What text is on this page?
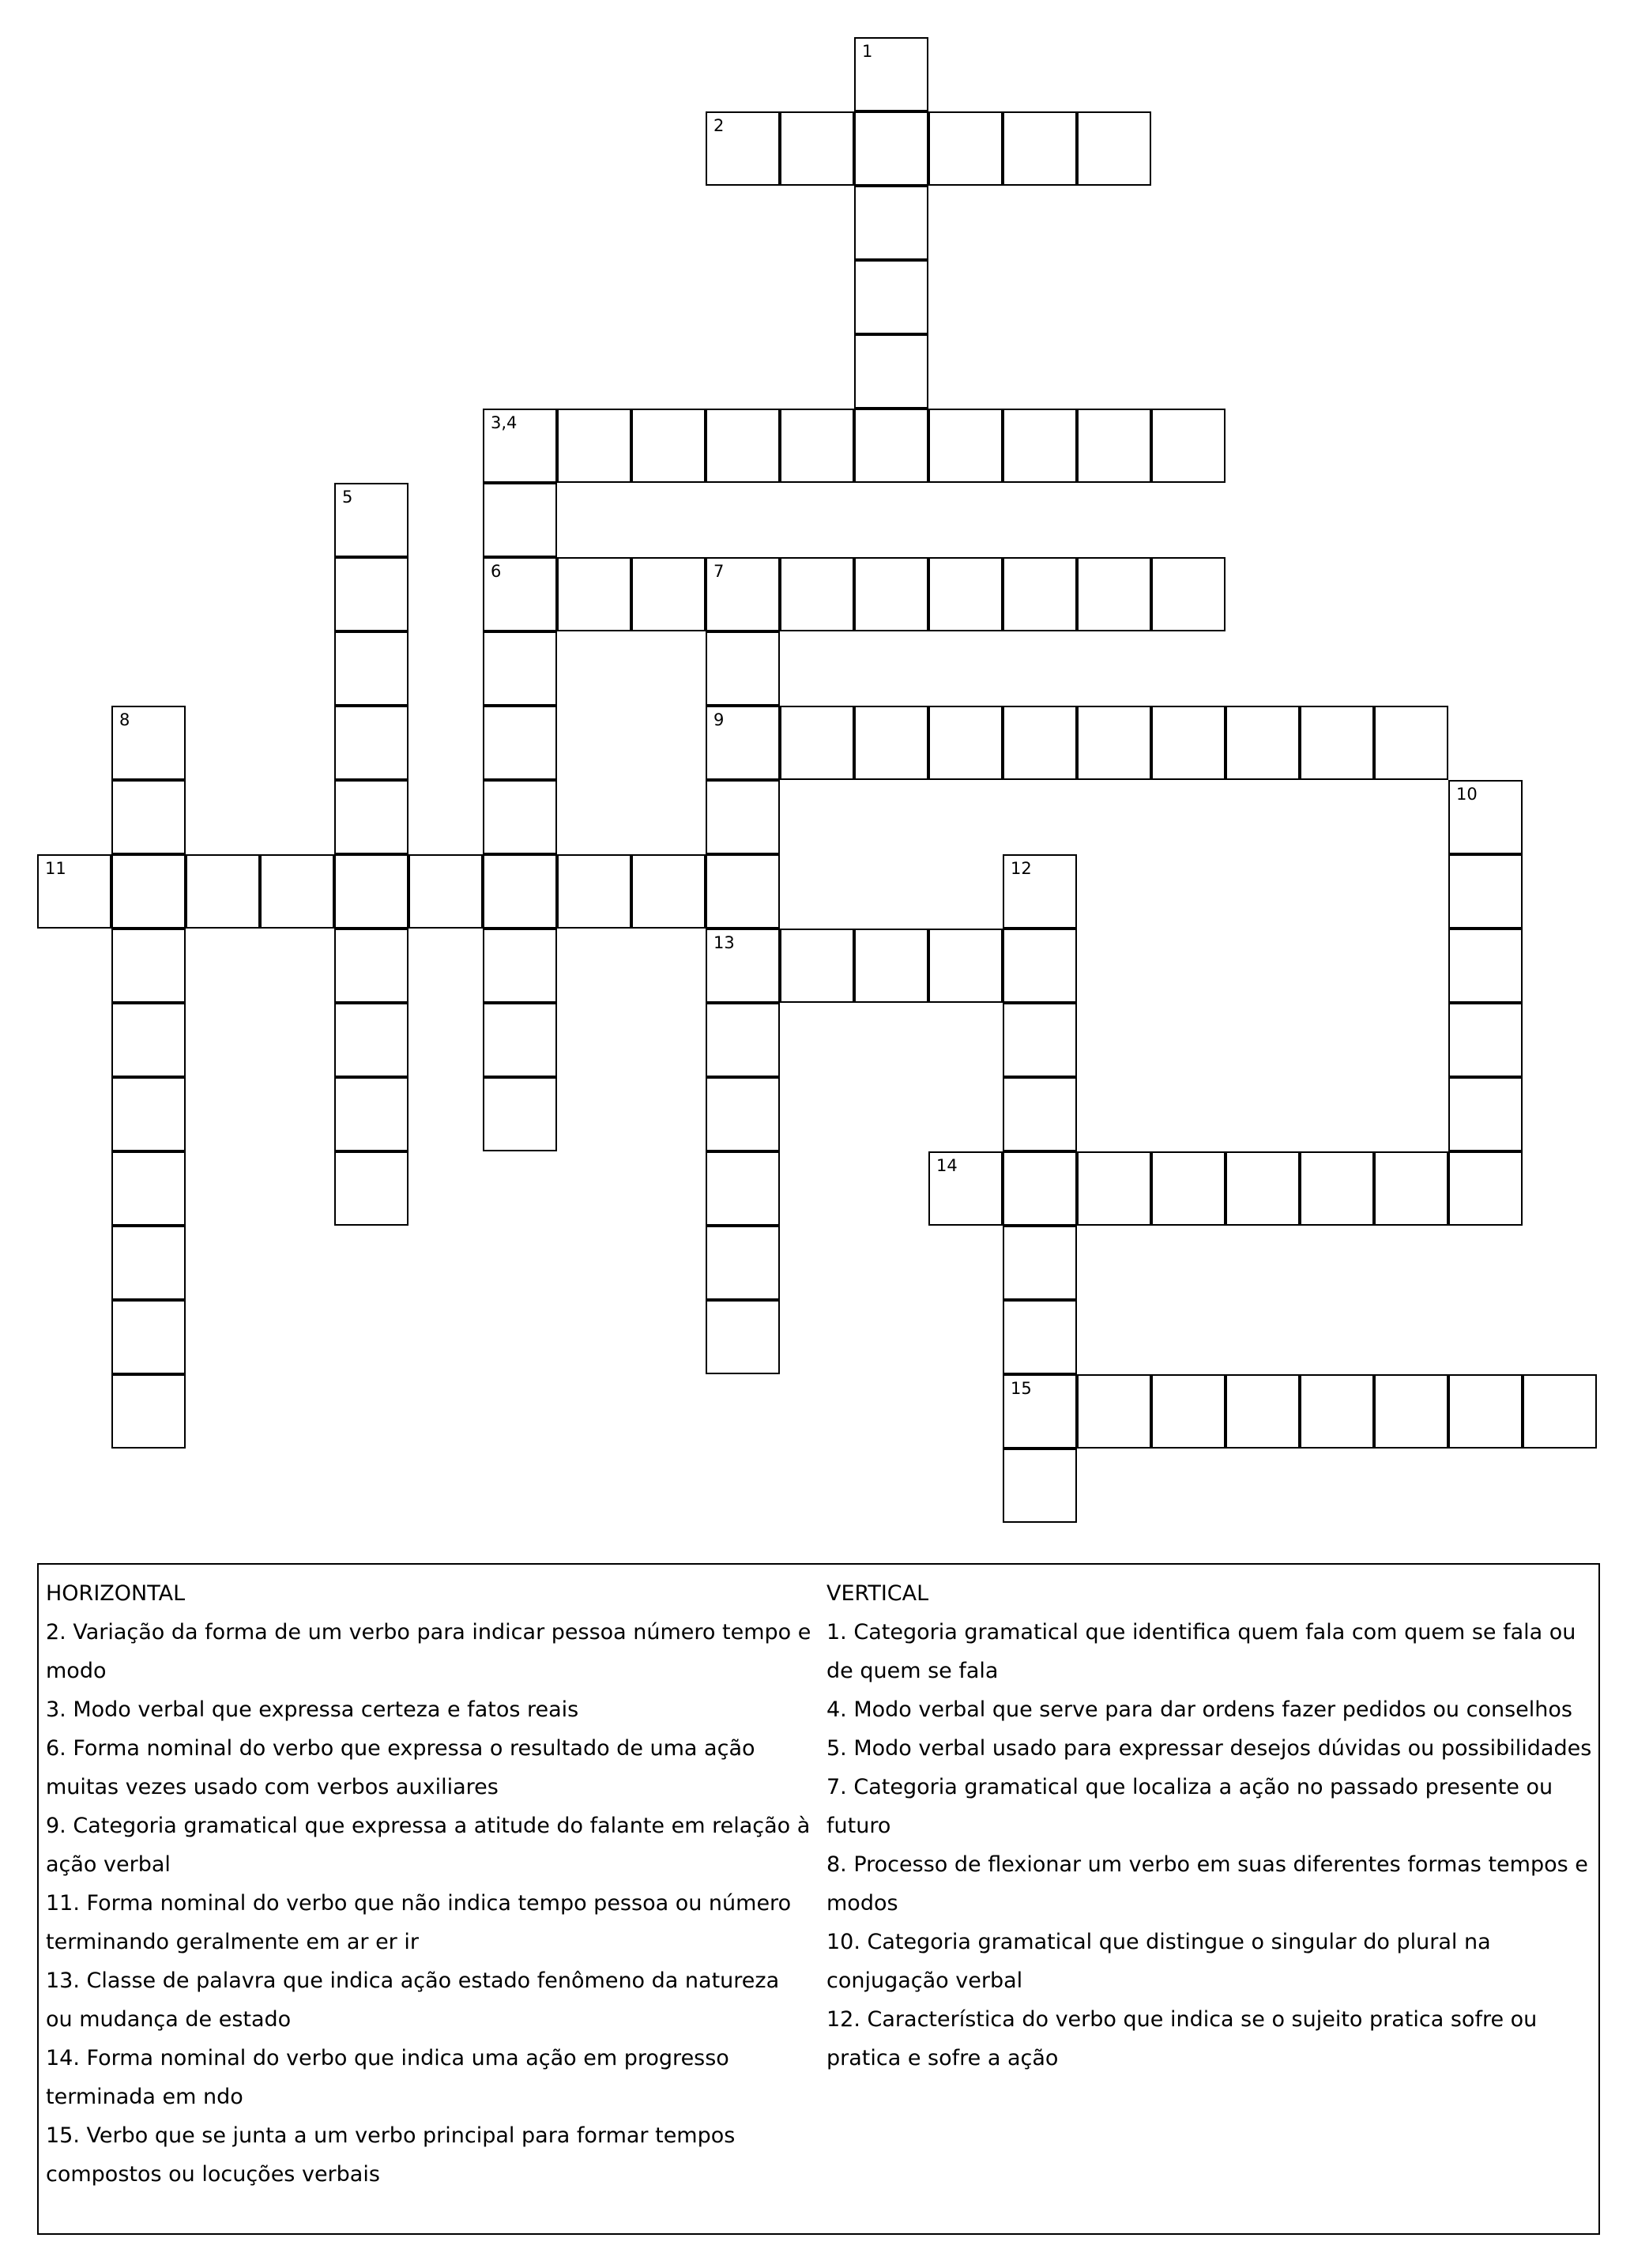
1
2
3,4
6
5
7
9
13
8
10
11	12
15
14
HORIZONTAL
2. Variação da forma de um verbo para indicar pessoa número tempo e modo
3. Modo verbal que expressa certeza e fatos reais
6. Forma nominal do verbo que expressa o resultado de uma ação muitas vezes usado com verbos auxiliares
9. Categoria gramatical que expressa a atitude do falante em relação à ação verbal
11. Forma nominal do verbo que não indica tempo pessoa ou número terminando geralmente em ar er ir
13. Classe de palavra que indica ação estado fenômeno da natureza ou mudança de estado
14. Forma nominal do verbo que indica uma ação em progresso terminada em ndo
15. Verbo que se junta a um verbo principal para formar tempos compostos ou locuções verbais
VERTICAL
1. Categoria gramatical que identifica quem fala com quem se fala ou de quem se fala
4. Modo verbal que serve para dar ordens fazer pedidos ou conselhos
5. Modo verbal usado para expressar desejos dúvidas ou possibilidades
7. Categoria gramatical que localiza a ação no passado presente ou futuro
8. Processo de flexionar um verbo em suas diferentes formas tempos e modos
10. Categoria gramatical que distingue o singular do plural na conjugação verbal
12. Característica do verbo que indica se o sujeito pratica sofre ou pratica e sofre a ação
